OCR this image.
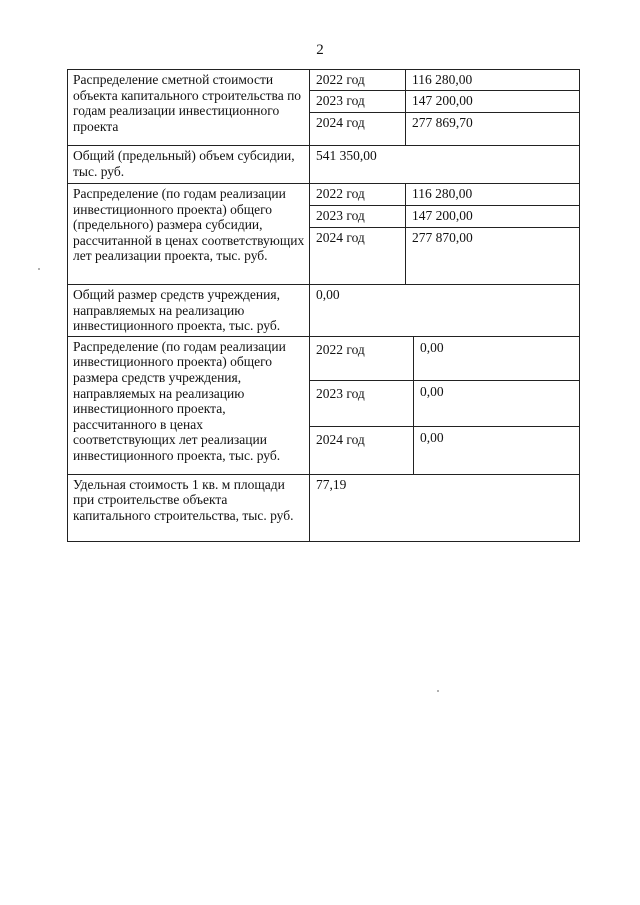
2
Распределение сметной стоимости объекта капитального строительства по годам реализации инвестиционного проекта	2022 год	116 280,00
2023 год	147 200,00
2024 год	277 869,70
Общий (предельный) объем субсидии, тыс. руб.	541 350,00
Распределение (по годам реализации инвестиционного проекта) общего (предельного) размера субсидии, рассчитанной в ценах соответствующих лет реализации проекта, тыс. руб.	2022 год	116 280,00
2023 год	147 200,00
2024 год	277 870,00
Общий размер средств учреждения, направляемых на реализацию инвестиционного проекта, тыс. руб.	0,00
Распределение (по годам реализации инвестиционного проекта) общего размера средств учреждения, направляемых на реализацию инвестиционного проекта, рассчитанного в ценах соответствующих лет реализации инвестиционного проекта, тыс. руб.	
2022 год	0,00
2023 год	0,00
2024 год	0,00

Удельная стоимость 1 кв. м площади при строительстве объекта капитального строительства, тыс. руб.	77,19
